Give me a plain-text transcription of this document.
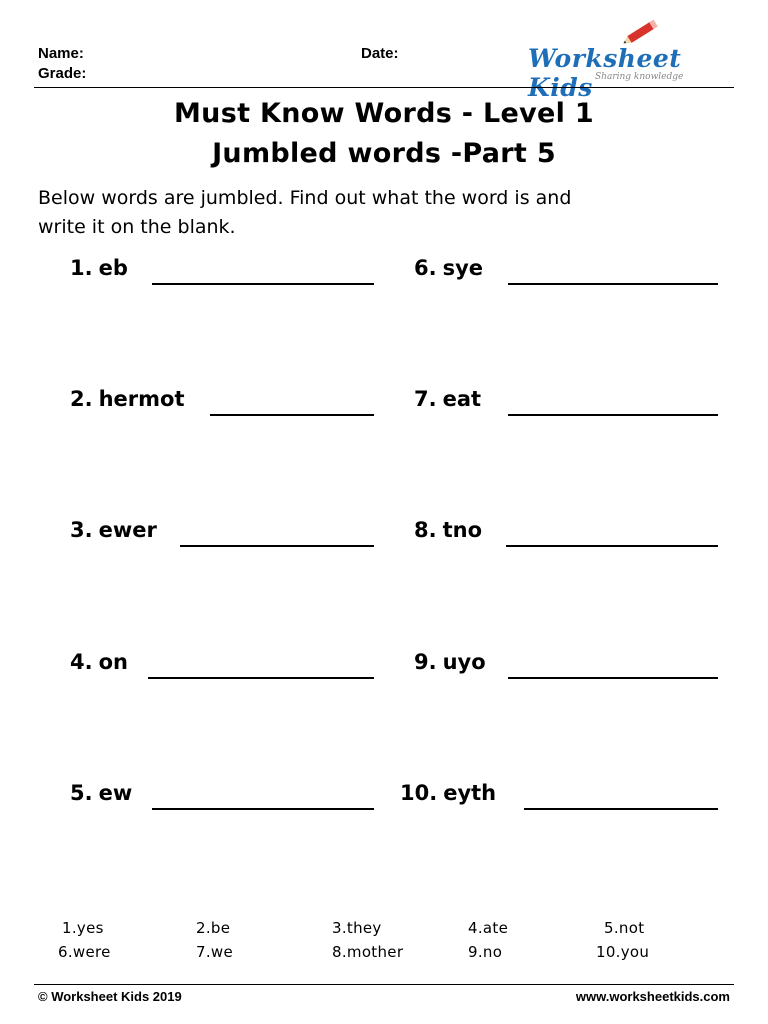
Name:
Grade:
Date:	Worksheet Kids Sharing knowledge
Must Know Words - Level 1
Jumbled words -Part 5
Below words are jumbled. Find out what the word is and
write it on the blank.
1. eb
2. hermot
3. ewer
4. on
5. ew
6. sye
7. eat
8. tno
9. uyo
10. eyth
1.yes	2.be	3.they	4.ate	5.not
6.were	7.we	8.mother	9.no	10.you
© Worksheet Kids 2019	www.worksheetkids.com
